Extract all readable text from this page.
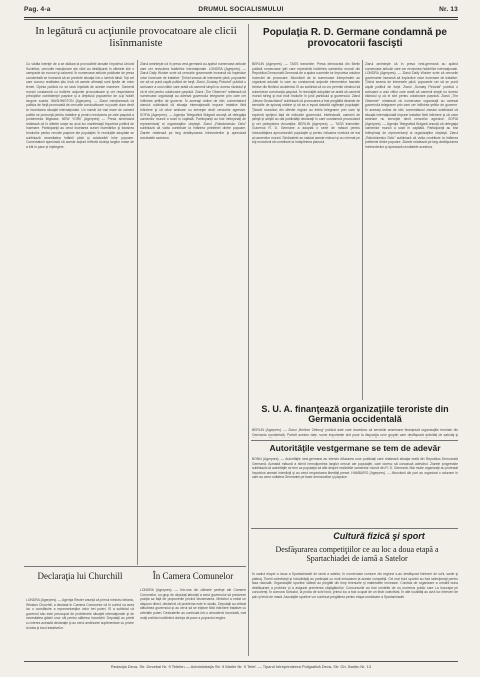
Pag. 4-a	DRUMUL SOCIALISMULUI	Nr. 13
In legătură cu acţiunile provocatoare ale clicii lisînmaniste
Cu vădita intenţie de a se alătura la provocările lansate împotriva Uniunii Sovietice, cercurile reacţionare ale clicii au desfăşurat în ultimele zile o campanie de zvonuri şi calomnii. În numeroase articole publicate de presa occidentală se încearcă să se prezinte situaţia într-o lumină falsă. Toţi cei care cunosc realitatea ştiu însă că aceste afirmaţii sunt lipsite de orice temei. Opinia publică nu se lasă înşelată de aceste manevre. Oamenii muncii condamnă cu hotărîre acţiunile provocatoare şi cer respectarea principiilor coexistenţei paşnice şi a dreptului popoarelor de a-şi hotărî singure soarta. WASHINGTON (Agerpres). — Ziarul menţionează că politica de forţă promovată de cercurile conducătoare nu poate duce decît la încordarea situaţiei internaţionale. Un număr tot mai mare de oameni politici se pronunţă pentru tratative şi pentru rezolvarea pe cale paşnică a problemelor litigioase. NEW YORK (Agerpres) — Presa americană relatează că în diferite oraşe au avut loc manifestaţii împotriva politicii de înarmare. Participanţii au cerut încetarea cursei înarmărilor şi folosirea fondurilor pentru nevoile paşnice ale populaţiei. În rezoluţiile adoptate se subliniază necesitatea întăririi păcii şi colaborării între popoare. Comentatorii apreciază că aceste acţiuni reflectă dorinţa largilor mase de a trăi în pace şi înţelegere.
Ziarul aminteşte că în presa vest-germană au apărut numeroase articole care cer revizuirea hotărîrilor internaţionale. LONDRA (Agerpres). — Ziarul Daily Worker scrie că cercurile guvernante încearcă să împiedice orice încercare de tratative. Ţinînd seama de interesele păcii, popoarele cer să se pună capăt politicii de forţă. Ziarul „Sunday Pictorial” publică o scrisoare a unui cititor care arată că oamenii simpli nu doresc războiul şi că ei sînt pentru colaborare paşnică. Ziarul „The Observer” relatează că numeroase organizaţii au adresat guvernului telegrame prin care cer întîlnirea şefilor de guverne. În aceeaşi ordine de idei, comentatorul ziarului subliniază că situaţia internaţională impune tratative fără întîrziere şi că orice amînare nu serveşte decît cercurilor agresive. SOFIA (Agerpres). — Agenţia Telegrafică Bulgară anunţă că delegaţia oamenilor muncii a sosit în capitală. Participanţii au fost întîmpinaţi de reprezentanţi ai organizaţiilor obşteşti. Ziarul „Rabotnicesko Delo” subliniază că vizita contribuie la întărirea prieteniei dintre popoare. Ziarele relatează pe larg desfăşurarea întrevederilor şi apreciază rezultatele acestora.
Declaraţia lui Churchill
LONDRA (Agerpres). — Agenţia Reuter anunţă că primul ministru britanic, Winston Churchill, a declarat în Camera Comunelor că în curînd va avea loc o consfătuire a reprezentanţilor celor trei puteri. El a subliniat că guvernul său este preocupat de problemele situaţiei internaţionale şi de necesitatea găsirii unor căi pentru slăbirea încordării. Deputaţii au primit cu interes această declaraţie şi au cerut amănunte suplimentare cu privire la data şi locul tratativelor.
În Camera Comunelor
LONDRA (Agerpres). — Într-una din ultimele şedinţe ale Camerei Comunelor, un grup de deputaţi laburişti a cerut guvernului să precizeze poziţia sa faţă de propunerile privind dezarmarea. Ministrul a evitat un răspuns direct, declarînd că problema este în studiu. Deputaţii au criticat atitudinea guvernului şi au cerut să se iniţieze fără întîrziere tratative cu celelalte puteri. Dezbaterile au continuat într-o atmosferă încordată, mai mulţi vorbitori subliniind dorinţa de pace a poporului englez.
Populaţia R. D. Germane condamnă pe provocatorii fascişti
BERLIN (Agerpres). — TASS transmite: Presa democrată din Berlin publică numeroase ştiri care reprezintă hotărîrea oamenilor muncii din Republica Democrată Germană de a apăra cuceririle lor împotriva oricăror încercări de provocare. Muncitorii de la numeroase întreprinderi au organizat adunări în care au condamnat acţiunile elementelor fasciste trimise din Berlinul occidental. Ei au subliniat că nu vor permite nimănui să submineze construcţia paşnică. În rezoluţiile adoptate se arată că oamenii muncii strîng şi mai mult rîndurile în jurul partidului şi guvernului. Ziarul „Neues Deutschland” subliniază că provocarea a fost pregătită dinainte de serviciile de spionaj străine şi că ea a eşuat datorită vigilenţei populaţiei. Ţăranii muncitori din diferite regiuni au trimis telegrame prin care îşi exprimă sprijinul faţă de măsurile guvernului. Intelectualii, oamenii de ştiinţă şi artiştii au dat publicităţii declaraţii în care condamnă provocatorii şi cer pedepsirea vinovaţilor. BERLIN (Agerpres). — TASS transmite: Guvernul R. D. Germane a adoptat o serie de măsuri pentru îmbunătăţirea aprovizionării populaţiei şi pentru ridicarea nivelului de trai al oamenilor muncii. Sindicatele au salutat aceste măsuri şi au chemat pe toţi muncitorii să contribuie la îndeplinirea planului.
Ziarul aminteşte că în presa vest-germană au apărut numeroase articole care cer revizuirea hotărîrilor internaţionale. LONDRA (Agerpres). — Ziarul Daily Worker scrie că cercurile guvernante încearcă să împiedice orice încercare de tratative. Ţinînd seama de interesele păcii, popoarele cer să se pună capăt politicii de forţă. Ziarul „Sunday Pictorial” publică o scrisoare a unui cititor care arată că oamenii simpli nu doresc războiul şi că ei sînt pentru colaborare paşnică. Ziarul „The Observer” relatează că numeroase organizaţii au adresat guvernului telegrame prin care cer întîlnirea şefilor de guverne. În aceeaşi ordine de idei, comentatorul ziarului subliniază că situaţia internaţională impune tratative fără întîrziere şi că orice amînare nu serveşte decît cercurilor agresive. SOFIA (Agerpres). — Agenţia Telegrafică Bulgară anunţă că delegaţia oamenilor muncii a sosit în capitală. Participanţii au fost întîmpinaţi de reprezentanţi ai organizaţiilor obşteşti. Ziarul „Rabotnicesko Delo” subliniază că vizita contribuie la întărirea prieteniei dintre popoare. Ziarele relatează pe larg desfăşurarea întrevederilor şi apreciază rezultatele acestora.
S. U. A. finanţează organizaţiile teroriste din Germania occidentală
BERLIN (Agerpres). — Ziarul „Berliner Zeitung” publică date care dovedesc că serviciile americane finanţează organizaţiile teroriste din Germania occidentală. Potrivit acestor date, sume importante sînt puse la dispoziţia unor grupări care desfăşoară activităţi de sabotaj şi
Autorităţile vestgermane se tem de adevăr
BONN (Agerpres). — Autorităţile vest-germane au interzis difuzarea unor publicaţii care relatează situaţia reală din Republica Democrată Germană. Această măsură a stîrnit nemulţumirea largilor cercuri ale populaţiei, care doresc să cunoască adevărul. Ziarele progresiste subliniază că autorităţile se tem ca populaţia să afle despre realizările oamenilor muncii din R. D. Germană. Mai multe organizaţii au protestat împotriva acestei interdicţii şi au cerut respectarea libertăţii presei. HAMBURG (Agerpres). — Muncitorii din port au organizat o adunare în care au cerut unitatea Germaniei pe baze democratice şi paşnice.
Cultură fizică şi sport
Desfăşurarea competiţiilor ce au loc a doua etapă a Spartachiadei de iarnă a Satelor
În cadrul etapei a doua a Spartachiadei de iarnă a satelor, în numeroase comune din regiune s-au desfăşurat întreceri de schi, sanie şi patinaj. Tinerii colectivişti şi întovărăşiţi au participat cu mult entuziasm la aceste competiţii. Cei mai buni sportivi au fost selecţionaţi pentru faza raională. Organizaţiile sportive sătești au pregătit din timp terenurile şi materialele necesare. Comisia de organizare a urmărit buna desfăşurare a probelor şi a asigurat premierea câştigătorilor. Concursurile au fost urmărite de un numeros public care i-a încurajat pe concurenţi. În comuna Sohodol, la proba de schi fond, primul loc a fost ocupat de un tînăr colectivist. În alte localităţi au avut loc întreceri de şah şi tenis de masă. Asociaţiile sportive vor continua pregătirea pentru etapa următoare a Spartachiadei.
Redacţia Deva, Str. Decebal Nr. 9 Telefon — Administraţia Str. 9 Martie Nr. 9 Telef. — Tiparul întreprinderea Poligrafică Deva, Str. Gh. Barițiu Nr. 13
